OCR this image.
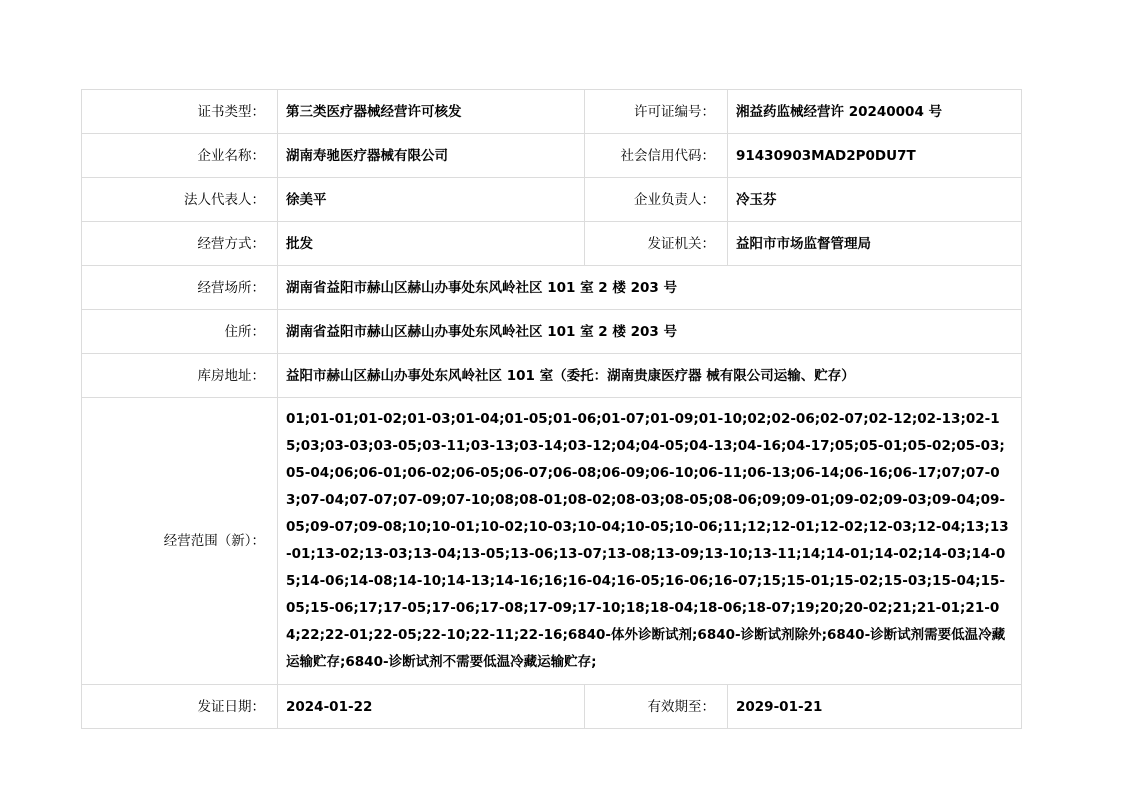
证书类型：	第三类医疗器械经营许可核发	许可证编号：	湘益药监械经营许 20240004 号
企业名称：	湖南寿驰医疗器械有限公司	社会信用代码：	91430903MAD2P0DU7T
法人代表人：	徐美平	企业负责人：	冷玉芬
经营方式：	批发	发证机关：	益阳市市场监督管理局
经营场所：	湖南省益阳市赫山区赫山办事处东风岭社区 101 室 2 楼 203 号		
住所：	湖南省益阳市赫山区赫山办事处东风岭社区 101 室 2 楼 203 号		
库房地址：	益阳市赫山区赫山办事处东风岭社区 101 室（委托：湖南贵康医疗器 械有限公司运输、贮存）		
经营范围（新）：	01;01-01;01-02;01-03;01-04;01-05;01-06;01-07;01-09;01-10;02;02-06;02-07;02-12;02-13;02-15;03;03-03;03-05;03-11;03-13;03-14;03-12;04;04-05;04-13;04-16;04-17;05;05-01;05-02;05-03;05-04;06;06-01;06-02;06-05;06-07;06-08;06-09;06-10;06-11;06-13;06-14;06-16;06-17;07;07-03;07-04;07-07;07-09;07-10;08;08-01;08-02;08-03;08-05;08-06;09;09-01;09-02;09-03;09-04;09-05;09-07;09-08;10;10-01;10-02;10-03;10-04;10-05;10-06;11;12;12-01;12-02;12-03;12-04;13;13-01;13-02;13-03;13-04;13-05;13-06;13-07;13-08;13-09;13-10;13-11;14;14-01;14-02;14-03;14-05;14-06;14-08;14-10;14-13;14-16;16;16-04;16-05;16-06;16-07;15;15-01;15-02;15-03;15-04;15-05;15-06;17;17-05;17-06;17-08;17-09;17-10;18;18-04;18-06;18-07;19;20;20-02;21;21-01;21-04;22;22-01;22-05;22-10;22-11;22-16;6840-体外诊断试剂;6840-诊断试剂除外;6840-诊断试剂需要低温冷藏运输贮存;6840-诊断试剂不需要低温冷藏运输贮存;		
发证日期：	2024-01-22	有效期至：	2029-01-21
